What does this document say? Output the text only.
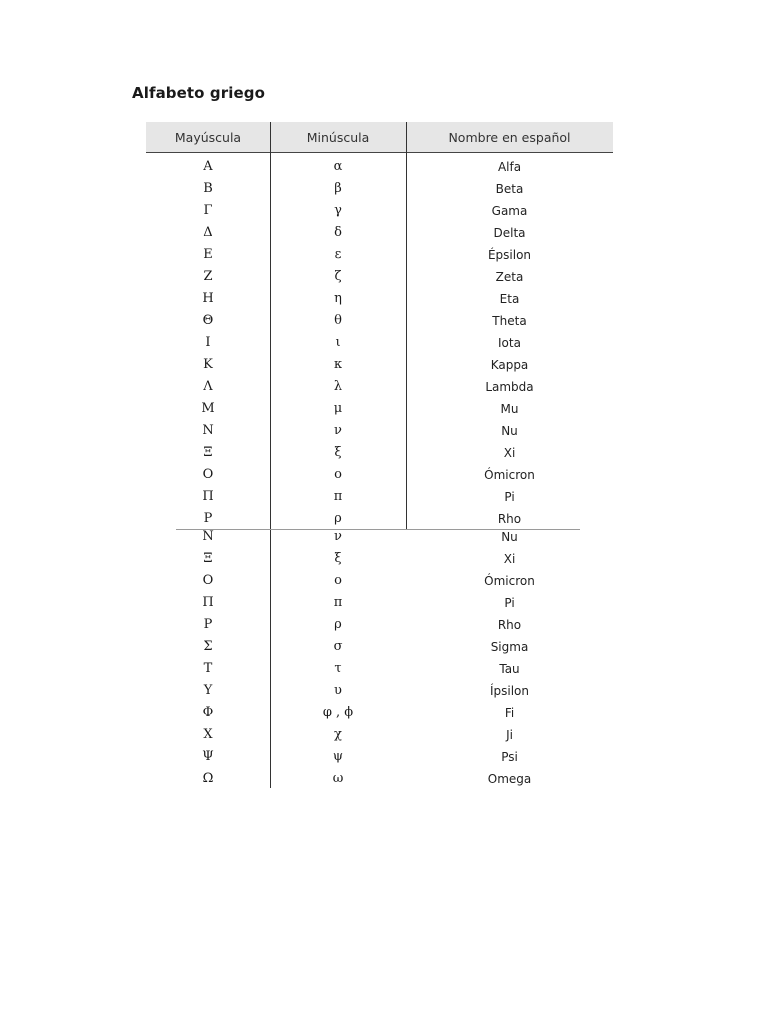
Alfabeto griego
Mayúscula	Minúscula	Nombre en español
Α	α	Alfa
Β	β	Beta
Γ	γ	Gama
Δ	δ	Delta
Ε	ε	Épsilon
Ζ	ζ	Zeta
Η	η	Eta
Θ	θ	Theta
Ι	ι	Iota
Κ	κ	Kappa
Λ	λ	Lambda
Μ	μ	Mu
Ν	ν	Nu
Ξ	ξ	Xi
Ο	ο	Ómicron
Π	π	Pi
Ρ	ρ	Rho
Ν	ν	Nu
Ξ	ξ	Xi
Ο	ο	Ómicron
Π	π	Pi
Ρ	ρ	Rho
Σ	σ	Sigma
Τ	τ	Tau
Υ	υ	Ípsilon
Φ	φ , ϕ	Fi
Χ	χ	Ji
Ψ	ψ	Psi
Ω	ω	Omega
